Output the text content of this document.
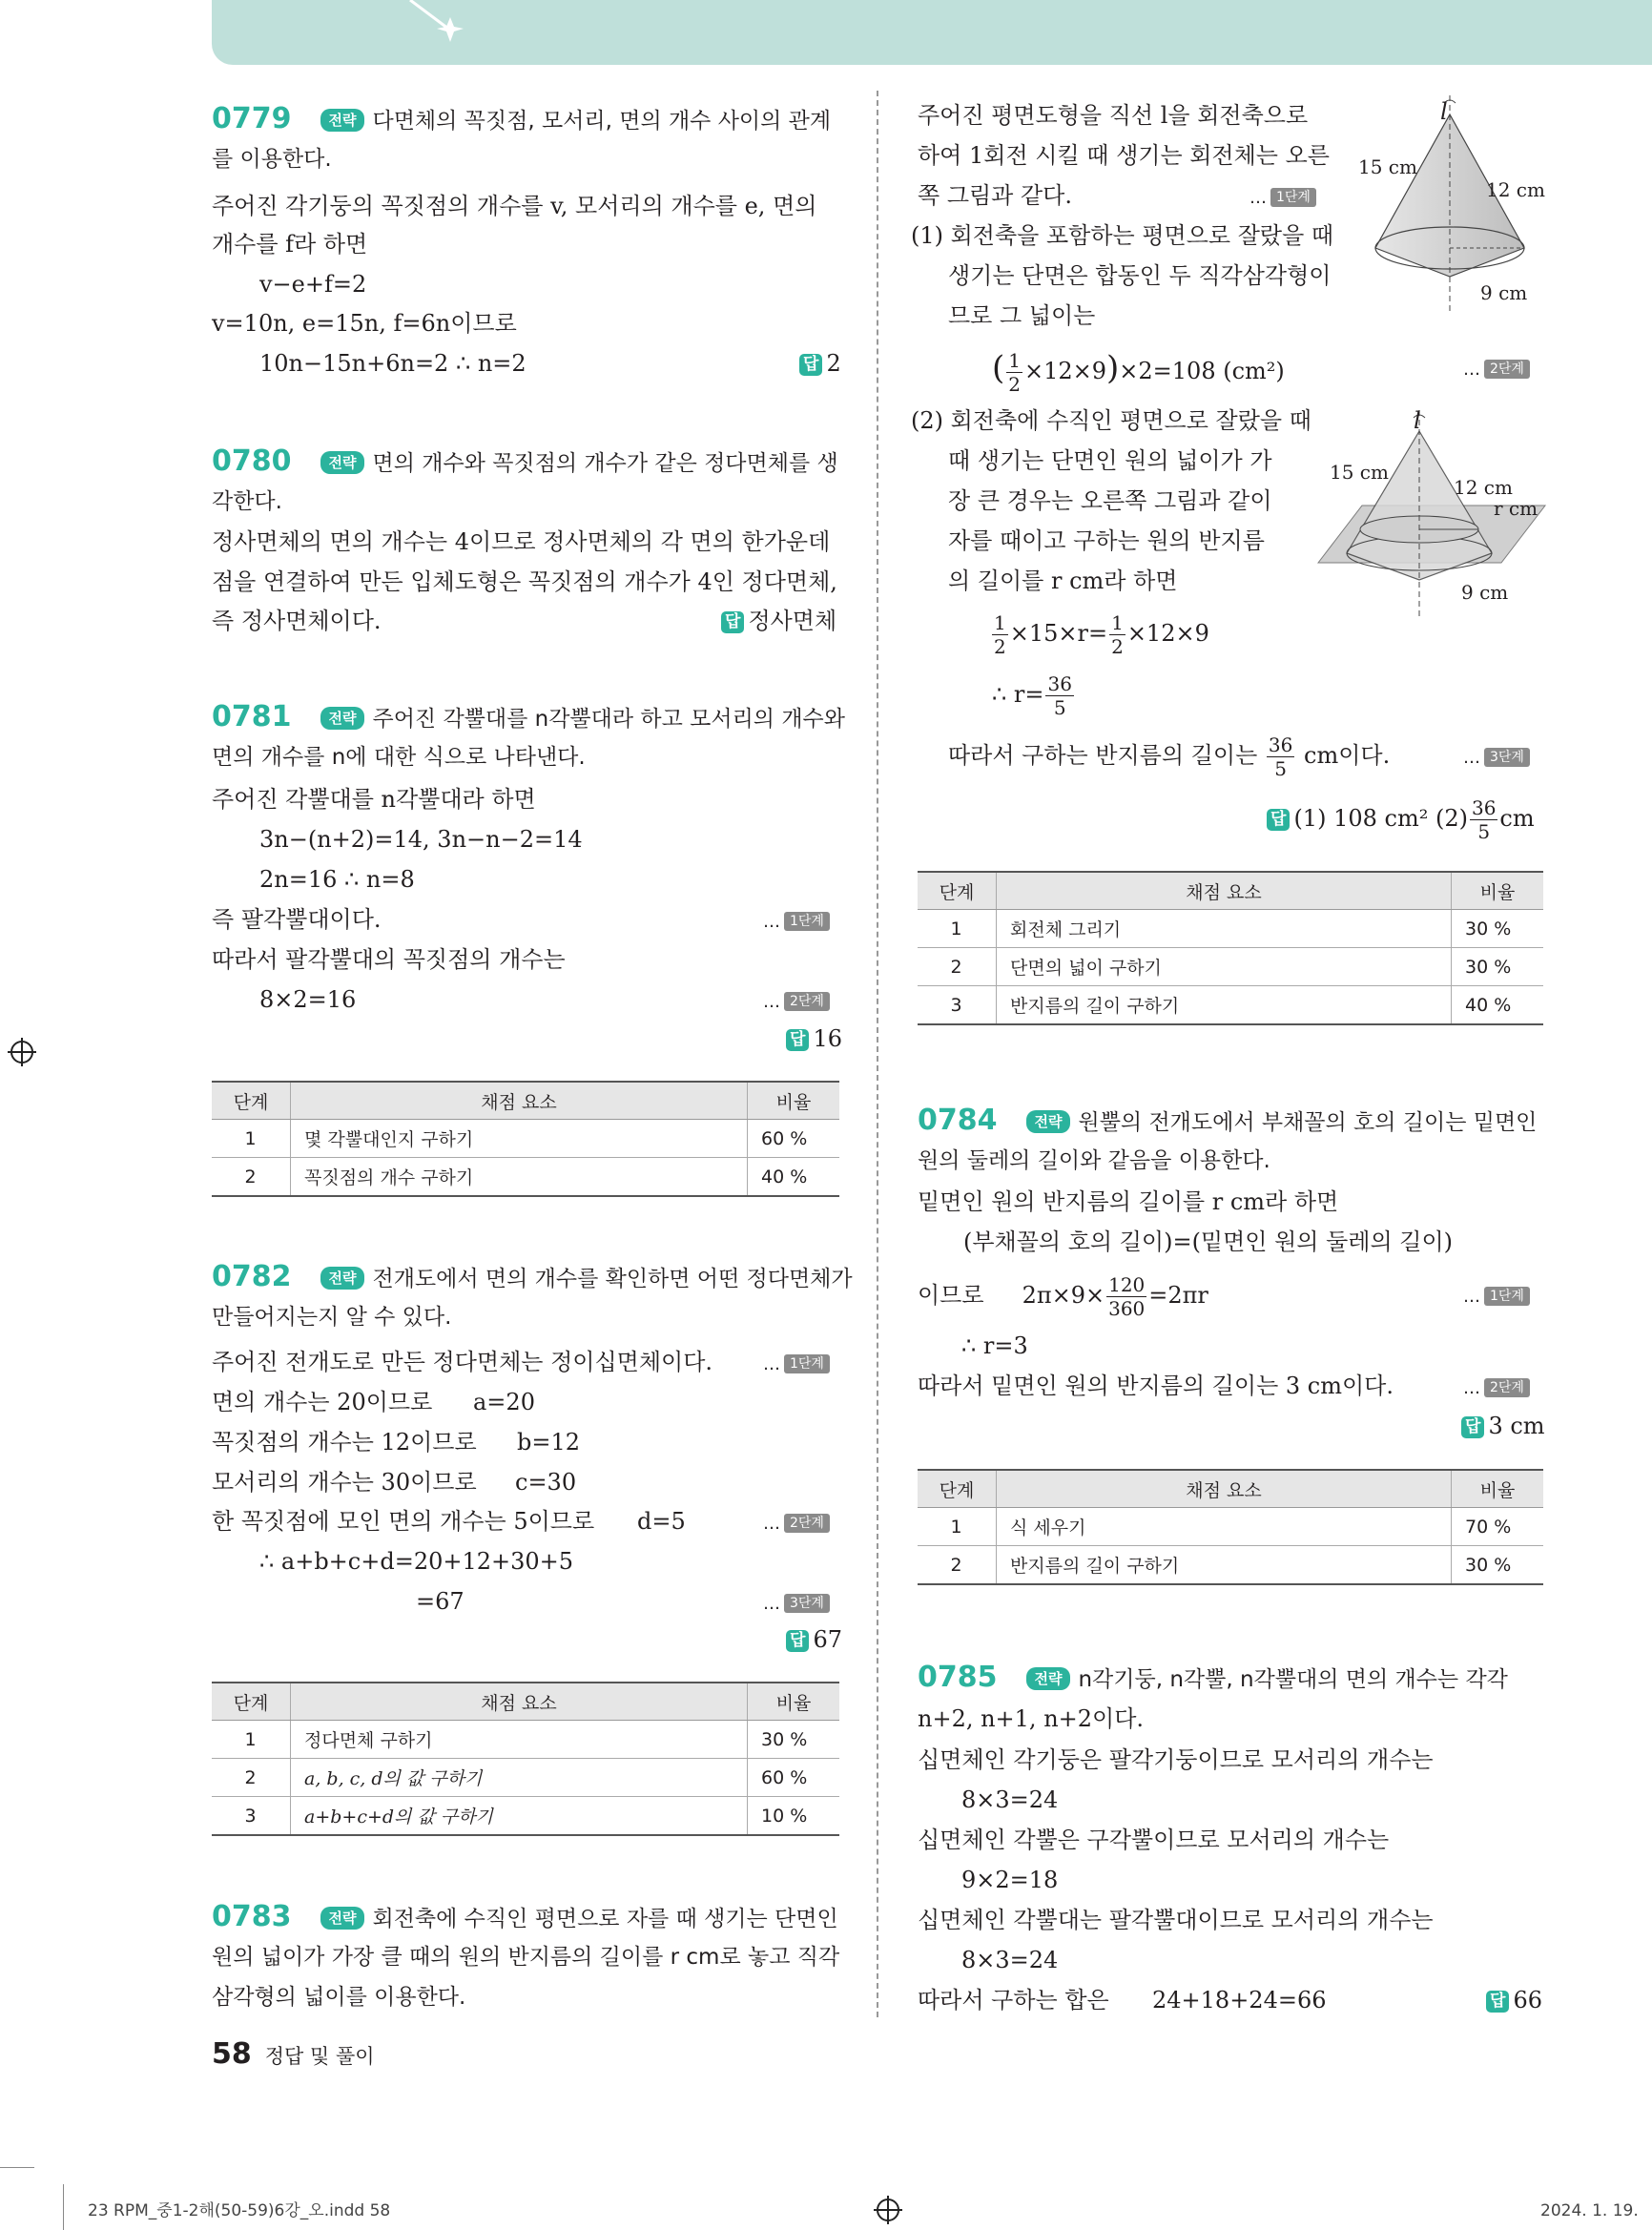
0779	전략 다면체의 꼭짓점, 모서리, 면의 개수 사이의 관계
를 이용한다.
주어진 각기둥의 꼭짓점의 개수를 v, 모서리의 개수를 e, 면의
개수를 f라 하면
v−e+f=2
v=10n, e=15n, f=6n이므로
10n−15n+6n=2 ∴ n=2	답 2
0780	전략 면의 개수와 꼭짓점의 개수가 같은 정다면체를 생
각한다.
정사면체의 면의 개수는 4이므로 정사면체의 각 면의 한가운데
점을 연결하여 만든 입체도형은 꼭짓점의 개수가 4인 정다면체,
즉 정사면체이다.	답 정사면체
0781	전략 주어진 각뿔대를 n각뿔대라 하고 모서리의 개수와
면의 개수를 n에 대한 식으로 나타낸다.
주어진 각뿔대를 n각뿔대라 하면
3n−(n+2)=14, 3n−n−2=14
2n=16 ∴ n=8
즉 팔각뿔대이다.	… 1단계
따라서 팔각뿔대의 꼭짓점의 개수는
8×2=16	… 2단계
답 16
단계	채점 요소	비율
1	몇 각뿔대인지 구하기	60 %
2	꼭짓점의 개수 구하기	40 %
0782	전략 전개도에서 면의 개수를 확인하면 어떤 정다면체가
만들어지는지 알 수 있다.
주어진 전개도로 만든 정다면체는 정이십면체이다.	… 1단계
면의 개수는 20이므로 a=20
꼭짓점의 개수는 12이므로 b=12
모서리의 개수는 30이므로 c=30
한 꼭짓점에 모인 면의 개수는 5이므로 d=5	… 2단계
∴ a+b+c+d=20+12+30+5
=67	… 3단계
답 67
단계	채점 요소	비율
1	정다면체 구하기	30 %
2	a, b, c, d의 값 구하기	60 %
3	a+b+c+d의 값 구하기	10 %
0783	전략 회전축에 수직인 평면으로 자를 때 생기는 단면인
원의 넓이가 가장 클 때의 원의 반지름의 길이를 r cm로 놓고 직각
삼각형의 넓이를 이용한다.
58 정답 및 풀이
주어진 평면도형을 직선 l을 회전축으로
하여 1회전 시킬 때 생기는 회전체는 오른
쪽 그림과 같다.	… 1단계
l
15 cm
12 cm
9 cm
(1) 회전축을 포함하는 평면으로 잘랐을 때
생기는 단면은 합동인 두 직각삼각형이
므로 그 넓이는
( $\frac{1}{2} \times 12\times 9)\times 2=108$ (cm²)	… 2단계
(2) 회전축에 수직인 평면으로 잘랐을 때
때 생기는 단면인 원의 넓이가 가
장 큰 경우는 오른쪽 그림과 같이
자를 때이고 구하는 원의 반지름
의 길이를 r cm라 하면
l
15 cm
12 cm
r cm
9 cm
$\frac{1}{2} \times 15\times r= \frac{1}{2} \times 12\times 9$
∴ $r= \frac{36}{5}$
따라서 구하는 반지름의 길이는 $\frac{36}{5}$ cm이다.	… 3단계
답 (1) 108 cm² $(2) \frac{36}{5}$ cm
단계	채점 요소	비율
1	회전체 그리기	30 %
2	단면의 넓이 구하기	30 %
3	반지름의 길이 구하기	40 %
0784	전략 원뿔의 전개도에서 부채꼴의 호의 길이는 밑면인
원의 둘레의 길이와 같음을 이용한다.
밑면인 원의 반지름의 길이를 r cm라 하면
(부채꼴의 호의 길이)=(밑면인 원의 둘레의 길이)
이므로 $2\pi\times 9\times \frac{120}{360} =2\pi r$	… 1단계
∴ r=3
따라서 밑면인 원의 반지름의 길이는 3 cm이다.	… 2단계
답 3 cm
단계	채점 요소	비율
1	식 세우기	70 %
2	반지름의 길이 구하기	30 %
0785	전략 n각기둥, n각뿔, n각뿔대의 면의 개수는 각각
n+2, n+1, n+2이다.
십면체인 각기둥은 팔각기둥이므로 모서리의 개수는
8×3=24
십면체인 각뿔은 구각뿔이므로 모서리의 개수는
9×2=18
십면체인 각뿔대는 팔각뿔대이므로 모서리의 개수는
8×3=24
따라서 구하는 합은 24+18+24=66	답 66
23 RPM_중1-2해(50-59)6강_오.indd 58	2024. 1. 19.
